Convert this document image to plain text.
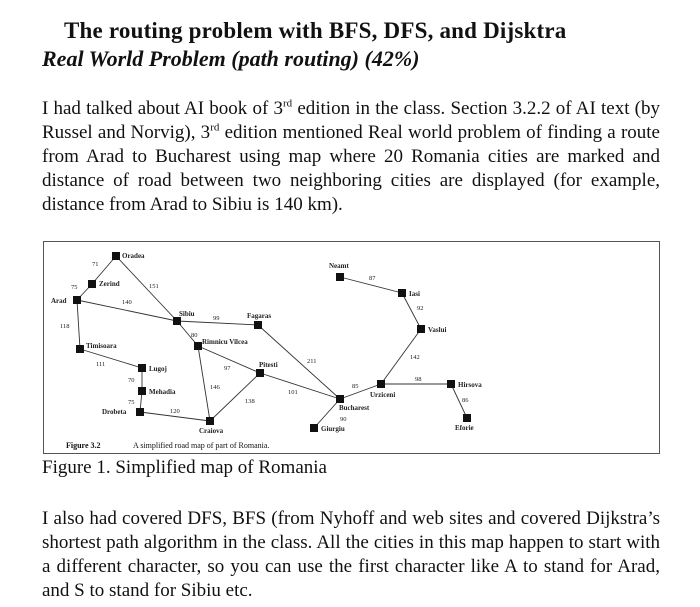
The routing problem with BFS, DFS, and Dijsktra
Real World Problem (path routing) (42%)

I had talked about AI book of 3rd edition in the class. Section 3.2.2 of AI text (by Russel and Norvig), 3rd edition mentioned Real world problem of finding a route from Arad to Bucharest using map where 20 Romania cities are marked and distance of road between two neighboring cities are displayed (for example, distance from Arad to Sibiu is 140 km).

Oradea
Zerind
Arad
Timisoara
Lugoj
Mehadia
Drobeta
Craiova
Sibiu
Rimnicu Vilcea
Fagaras
Pitesti
Bucharest
Giurgiu
Urziceni
Hirsova
Eforie
Vaslui
Iasi
Neamt
71
75	151
140
118
111
70
75
120
99
80
97
146
138
101
211
90
85
98
86
142
92
87
Figure 3.2	A simplified road map of part of Romania.

Figure 1. Simplified map of Romania

I also had covered DFS, BFS (from Nyhoff and web sites and covered Dijkstra’s shortest path algorithm in the class. All the cities in this map happen to start with a different character, so you can use the first character like A to stand for Arad, and S to stand for Sibiu etc.
